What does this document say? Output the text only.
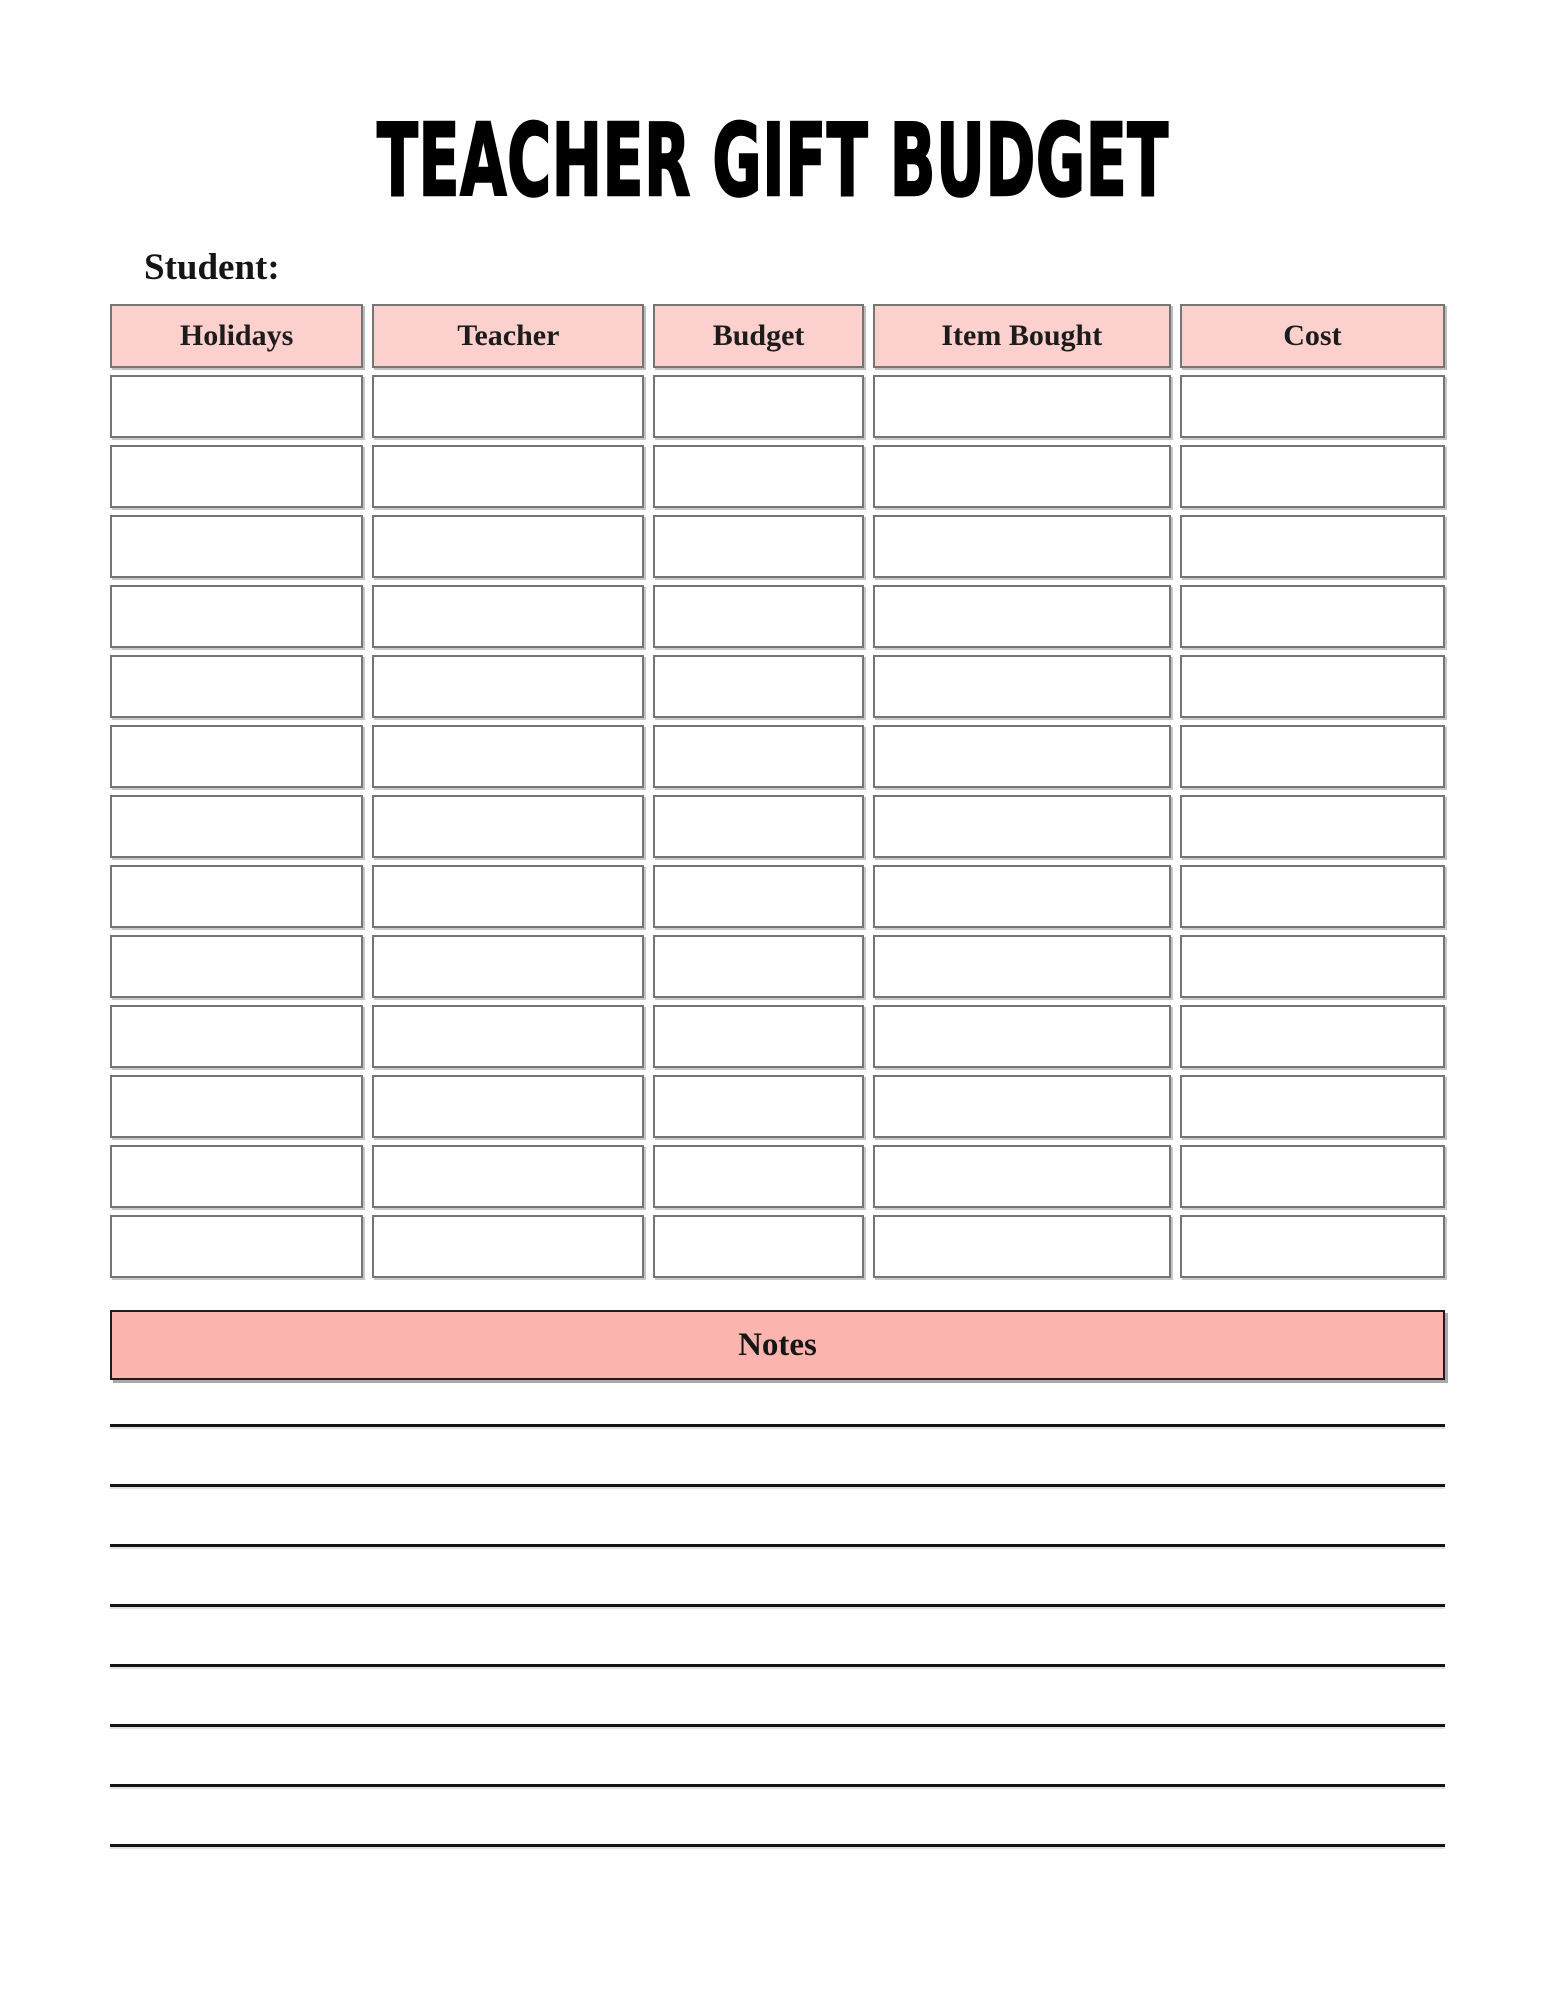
TEACHER GIFT BUDGET
Student:
Holidays	Teacher	Budget	Item Bought	Cost
Notes
